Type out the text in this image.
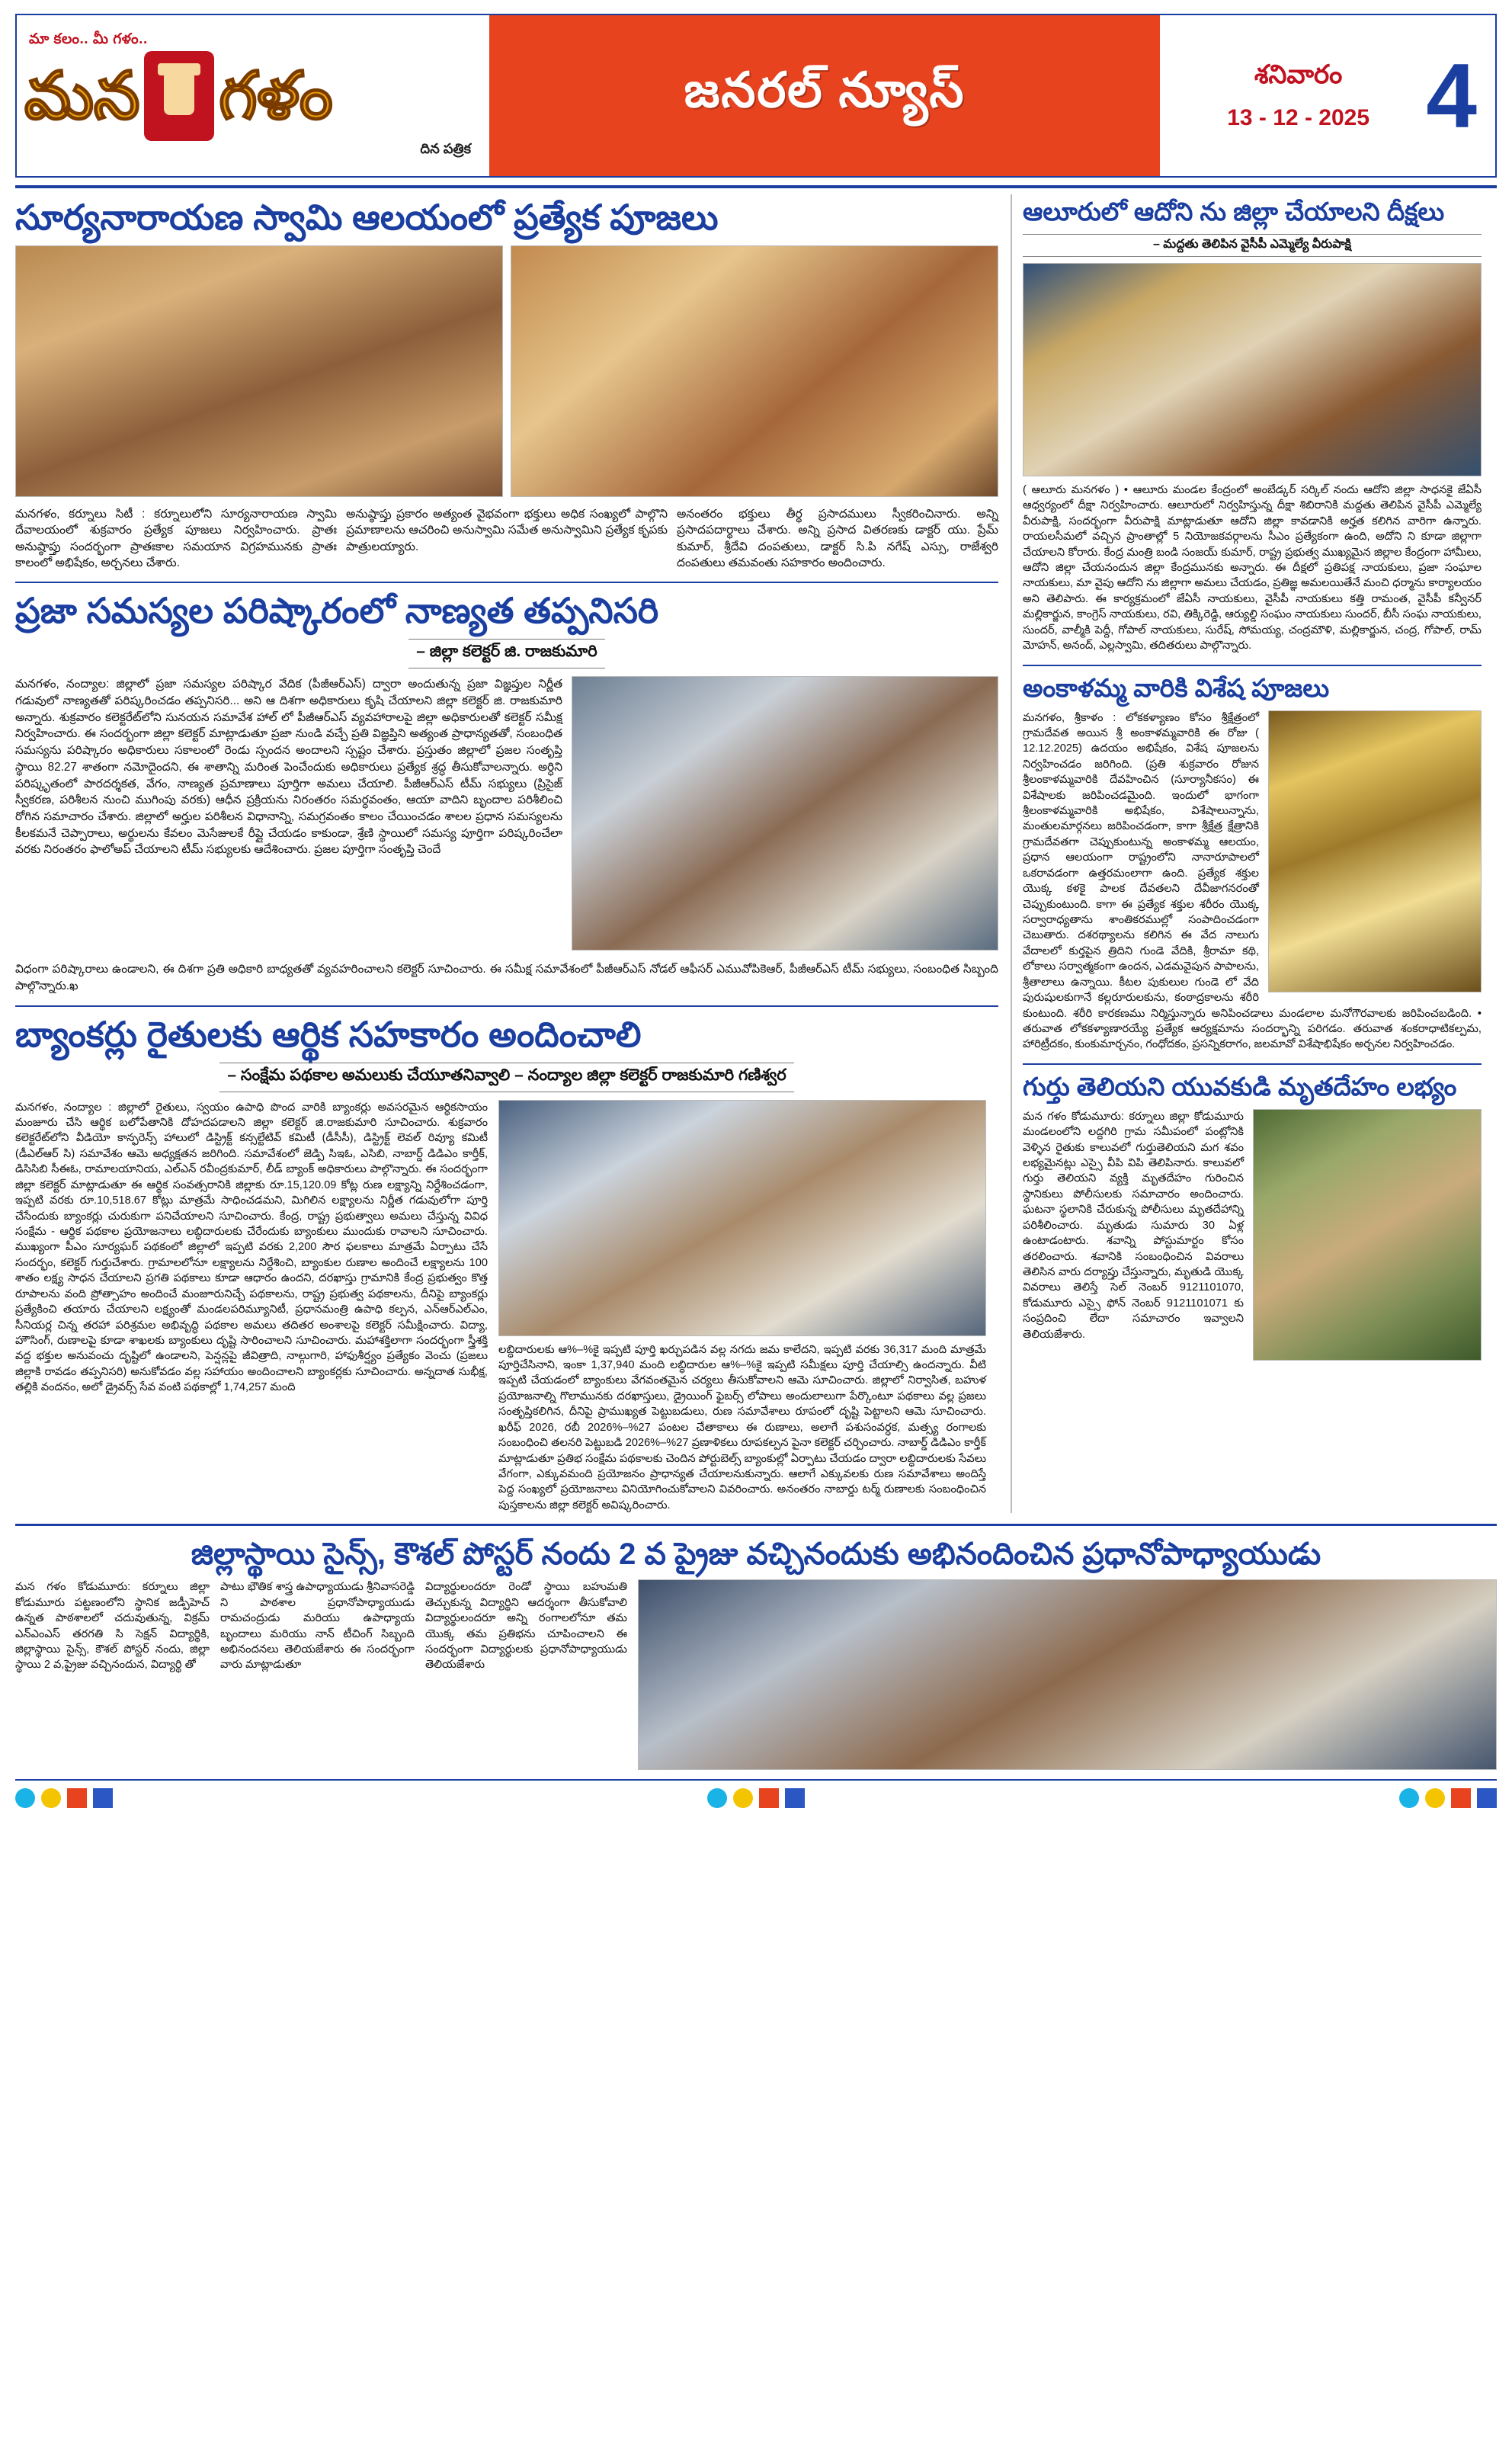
మా కలం.. మీ గళం..
మన గళం
దిన పత్రిక
జనరల్ న్యూస్	శనివారం
13 - 12 - 2025 4
సూర్యనారాయణ స్వామి ఆలయంలో ప్రత్యేక పూజలు
మనగళం, కర్నూలు సిటీ : కర్నూలులోని సూర్యనారాయణ స్వామి దేవాలయంలో శుక్రవారం ప్రత్యేక పూజలు నిర్వహించారు. ప్రాతః అనుష్ఠాప్తు సందర్భంగా ప్రాతఃకాల సమయాన విగ్రహమునకు ప్రాతః కాలంలో అభిషేకం, అర్చనలు చేశారు.
అనుష్ఠాప్తు ప్రకారం అత్యంత వైభవంగా భక్తులు అధిక సంఖ్యలో పాల్గొని ప్రమాణాలను ఆచరించి అనుస్వామి సమేత అనుస్వామిని ప్రత్యేక కృపకు పాత్రులయ్యారు.
అనంతరం భక్తులు తీర్థ ప్రసాదములు స్వీకరించినారు. అన్ని ప్రసాదపదార్థాలు చేశారు. అన్ని ప్రసాద వితరణకు డాక్టర్ యు. ప్రేమ్ కుమార్, శ్రీదేవి దంపతులు, డాక్టర్ సి.పి నగేష్ ఎస్సు, రాజేశ్వరి దంపతులు తమవంతు సహకారం అందించారు.
ప్రజా సమస్యల పరిష్కారంలో నాణ్యత తప్పనిసరి
– జిల్లా కలెక్టర్ జి. రాజకుమారి
మనగళం, నంద్యాల: జిల్లాలో ప్రజా సమస్యల పరిష్కార వేదిక (పీజీఆర్ఎస్) ద్వారా అందుతున్న ప్రజా విజ్ఞప్తుల నిర్ణీత గడువులో నాణ్యతతో పరిష్కరించడం తప్పనిసరి... అని ఆ దిశగా అధికారులు కృషి చేయాలని జిల్లా కలెక్టర్ జి. రాజకుమారి అన్నారు. శుక్రవారం కలెక్టరేట్‌లోని సునయన సమావేశ హాల్ లో పీజీఆర్ఎస్ వ్యవహారాలపై జిల్లా అధికారులతో కలెక్టర్ సమీక్ష నిర్వహించారు. ఈ సందర్భంగా జిల్లా కలెక్టర్ మాట్లాడుతూ ప్రజా నుండి వచ్చే ప్రతి విజ్ఞప్తిని అత్యంత ప్రాధాన్యతతో, సంబంధిత సమస్యను పరిష్కారం అధికారులు సకాలంలో రెండు స్పందన అందాలని స్పష్టం చేశారు. ప్రస్తుతం జిల్లాలో ప్రజల సంతృప్తి స్థాయి 82.27 శాతంగా నమోదైందని, ఈ శాతాన్ని మరింత పెంచేందుకు అధికారులు ప్రత్యేక శ్రద్ధ తీసుకోవాలన్నారు. అర్ధిని పరిష్కృతంలో పారదర్శకత, వేగం, నాణ్యత ప్రమాణాలు పూర్తిగా అమలు చేయాలి. పీజీఆర్ఎస్ టీమ్ సభ్యులు (ప్రిసైజ్ స్వీకరణ, పరిశీలన నుంచి ముగింపు వరకు) ఆధీన ప్రక్రియను నిరంతరం సమర్ధవంతం, ఆయా వాదిని బృందాల పరిశీలించి రోగిన సమాచారం చేశారు. జిల్లాలో అర్హుల పరిశీలన విధానాన్ని, సమగ్రవంతం కాలం చేయించడం శాలల ప్రధాన సమస్యలను కీలకమనే చెప్పారాలు, అర్థులను కేవలం మెసేజులకే రీప్లై చేయడం కాకుండా, శ్రేణి స్థాయిలో సమస్య పూర్తిగా పరిష్కరించేలా వరకు నిరంతరం ఫాలోఅప్ చేయాలని టీమ్ సభ్యులకు ఆదేశించారు. ప్రజల పూర్తిగా సంతృప్తి చెందే
విధంగా పరిష్కారాలు ఉండాలని, ఈ దిశగా ప్రతి అధికారి బాధ్యతతో వ్యవహరించాలని కలెక్టర్ సూచించారు. ఈ సమీక్ష సమావేశంలో పీజీఆర్ఎస్ నోడల్ ఆఫీసర్ ఎమువోపికెఆర్, పీజీఆర్ఎస్ టీమ్ సభ్యులు, సంబంధిత సిబ్బంది పాల్గొన్నారు.ఖ
బ్యాంకర్లు రైతులకు ఆర్థిక సహకారం అందించాలి
– సంక్షేమ పథకాల అమలుకు చేయూతనివ్వాలి – నంద్యాల జిల్లా కలెక్టర్ రాజకుమారి గణిశ్వర
మనగళం, నంద్యాల : జిల్లాలో రైతులు, స్వయం ఉపాధి పొంద వారికి బ్యాంకర్లు అవసరమైన ఆర్థికసాయం మంజూరు చేసి ఆర్థిక బలోపేతానికి దోహదపడాలని జిల్లా కలెక్టర్ జి.రాజకుమారి సూచించారు. శుక్రవారం కలెక్టరేట్‌లోని వీడియో కాన్ఫరెన్స్ హాలులో డిస్ట్రిక్ట్ కన్సల్టేటివ్ కమిటీ (డీసీసీ), డిస్ట్రిక్ట్ లెవల్ రివ్యూ కమిటీ (డీఎల్ఆర్ సి) సమావేశం ఆమె అధ్యక్షతన జరిగింది. సమావేశంలో జెడ్పి సిఇఓ, ఎసిబి, నాబార్డ్ డిడిఎం కార్తీక్, డిసిసిబి సీఈఓ, రామాలయానియ, ఎల్ఎన్ రవీంద్రకుమార్, లీడ్ బ్యాంక్ అధికారులు పాల్గొన్నారు. ఈ సందర్భంగా జిల్లా కలెక్టర్ మాట్లాడుతూ ఈ ఆర్థిక సంవత్సరానికి జిల్లాకు రూ.15,120.09 కోట్ల రుణ లక్ష్యాన్ని నిర్దేశించడంగా, ఇప్పటి వరకు రూ.10,518.67 కోట్లు మాత్రమే సాధించడమని, మిగిలిన లక్ష్యాలను నిర్ణీత గడువులోగా పూర్తి చేసేందుకు బ్యాంకర్లు చురుకుగా పనిచేయాలని సూచించారు. కేంద్ర, రాష్ట్ర ప్రభుత్వాలు అమలు చేస్తున్న వివిధ సంక్షేమ - ఆర్థిక పథకాల ప్రయోజనాలు లబ్ధిదారులకు చేరేందుకు బ్యాంకులు ముందుకు రావాలని సూచించారు. ముఖ్యంగా పీఎం సూర్యఘర్ పథకంలో జిల్లాలో ఇప్పటి వరకు 2,200 సౌర ఫలకాలు మాత్రమే ఏర్పాటు చేసే సందర్భం, కలెక్టర్ గుర్తుచేశారు. గ్రామాలలోనూ లక్ష్యాలను నిర్దేశించి, బ్యాంకుల రుణాల అందించే లక్ష్యాలను 100 శాతం లక్ష్య సాధన చేయాలని ప్రగతి పథకాలు కూడా ఆధారం ఉందని, దరఖాస్తు గ్రామానికి కేంద్ర ప్రభుత్వం కొత్త రూపాలను వంది ప్రోత్సాహం అందించే మంజూరునిచ్చే పథకాలను, రాష్ట్ర ప్రభుత్వ పథకాలను, దీనిపై బ్యాంకర్లు ప్రత్యేకించి తయారు చేయాలని లక్ష్యంతో మండలపరిమ్యూనిటీ, ప్రధానమంత్రి ఉపాధి కల్పన, ఎన్ఆర్ఎల్ఎం, సీనియర్ల చిన్న తరహా పరిశ్రమల అభివృద్ధి పథకాల అమలు తదితర అంశాలపై కలెక్టర్ సమీక్షించారు. విద్యా, హౌసింగ్, రుణాలపై కూడా శాఖలకు బ్యాంకులు దృష్టి సారించాలని సూచించారు. మహాశక్తిలాగా సందర్భంగా స్త్రీశక్తి వద్ద భక్తుల అనువంచు దృష్టిలో ఉండాలని, పెన్షన్లపై జీవిత్రాది, నాల్గుగారి, హాఫుశీర్ష్యం ప్రత్యేకం వెంచు (ప్రజలు జిల్లాకి రావడం తప్పనిసరి) అనుకోవడం వల్ల సహాయం అందించాలని బ్యాంకర్లకు సూచించారు. అన్నదాత సుభీక్ష, తల్లికి వందనం, అలో డ్రైవర్స్ సేవ వంటి పథకాల్లో 1,74,257 మంది
లబ్ధిదారులకు ఆ%–%కై ఇప్పటి పూర్తి ఖర్చుపడిన వల్ల నగదు జమ కాలేదని, ఇప్పటి వరకు 36,317 మంది మాత్రమే పూర్తిచేసినాని, ఇంకా 1,37,940 మంది లబ్ధిదారుల ఆ%–%కై ఇప్పటి సమీక్షలు పూర్తి చేయాల్సి ఉందన్నారు. వీటి ఇప్పటి చేయడంలో బ్యాంకులు వేగవంతమైన చర్యలు తీసుకోవాలని ఆమె సూచించారు. జిల్లాలో నిర్వాసిత, బహుళ ప్రయోజనాల్ని గొలామునకు దరఖాస్తులు, డ్రైయింగ్ ఫైబర్స్ లోపాలు అందులాలుగా పేర్కొంటూ పథకాలు వల్ల ప్రజలు సంతృప్తికలిగిన, దీనిపై ప్రాముఖ్యత పెట్టుబడులు, రుణ సమావేశాలు రూపంలో దృష్టి పెట్టాలని ఆమె సూచించారు. ఖరీఫ్ 2026, రబీ 2026%–%27 పంటల చేతాకాలు ఈ రుణాలు, అలాగే పశుసంవర్ధక, మత్స్య రంగాలకు సంబంధించి తలనరి పెట్టుబడి 2026%–%27 ప్రణాళికలు రూపకల్పన పైనా కలెక్టర్ చర్చించారు. నాబార్డ్ డిడిఎం కార్తీక్ మాట్లాడుతూ ప్రతిభ సంక్షేమ పథకాలకు చెందిన పోర్టుబెల్స్ బ్యాంకుల్లో ఏర్పాటు చేయడం ద్వారా లబ్ధిదారులకు సేవలు వేగంగా, ఎక్కువమంది ప్రయోజనం ప్రాధాన్యత చేయాలనుకున్నారు. ఆలాగే ఎక్కువలకు రుణ సమావేశాలు అందిస్తే పెద్ద సంఖ్యలో ప్రయోజనాలు వినియోగించుకోవాలని వివరించారు. అనంతరం నాబార్డు టర్మ్ రుణాలకు సంబంధించిన పుస్తకాలను జిల్లా కలెక్టర్ అవిష్కరించారు.
ఆలూరులో ఆదోని ను జిల్లా చేయాలని దీక్షలు
– మద్దతు తెలిపిన వైసీపీ ఎమ్మెల్యే వీరుపాక్షి
( ఆలూరు మనగళం ) • ఆలూరు మండల కేంద్రంలో అంబేడ్కర్ సర్కిల్ నందు ఆదోని జిల్లా సాధనకై జేఏసీ ఆధ్వర్యంలో దీక్షా నిర్వహించారు. ఆలూరులో నిర్వహిస్తున్న దీక్షా శిబిరానికి మద్దతు తెలిపిన వైసీపీ ఎమ్మెల్యే వీరుపాక్షి, సందర్భంగా వీరుపాక్షి మాట్లాడుతూ ఆదోని జిల్లా కావడానికి అర్హత కలిగిన వారిగా ఉన్నారు. రాయలసీమలో వచ్చిన ప్రాంతాల్లో 5 నియోజకవర్గాలను సీఎం ప్రత్యేకంగా ఉంది, అదోని ని కూడా జిల్లాగా చేయాలని కోరారు. కేంద్ర మంత్రి బండి సంజయ్ కుమార్, రాష్ట్ర ప్రభుత్వ ముఖ్యమైన జిల్లాల కేంద్రంగా హామీలు, ఆదోని జిల్లా చేయనందున జిల్లా కేంద్రమునకు అన్నారు. ఈ దీక్షలో ప్రతిపక్ష నాయకులు, ప్రజా సంఘాల నాయకులు, మా వైపు ఆదోని ను జిల్లాగా అమలు చేయడం, ప్రతిజ్ఞ అమలయితేనే మంచి ధర్మాను కార్యాలయం అని తెలిపారు. ఈ కార్యక్రమంలో జేఏసీ నాయకులు, వైసీపీ నాయకులు కత్తి రామంత, వైసీపీ కన్వీనర్ మల్లికార్జున, కాంగ్రెస్ నాయకులు, రవి, తిక్కిరెడ్డి, ఆర్యుల్డి సంఘం నాయకులు సుందర్, బీసీ సంఘ నాయకులు, సుందర్, వాల్మీకి పెద్దీ, గోపాల్ నాయకులు, సురేష్, సోమయ్య, చంద్రమౌళి, మల్లికార్జున, చంద్ర, గోపాల్, రామ్ మోహన్, అనంద్, ఎల్లస్వామి, తదితరులు పాల్గొన్నారు.
అంకాళమ్మ వారికి విశేష పూజలు
మనగళం, శ్రీకాళం : లోకకళ్యాణం కోసం శ్రీక్షేత్రంలో గ్రామదేవత అయిన శ్రీ అంకాళమ్మవారికి ఈ రోజు ( 12.12.2025) ఉదయం అభిషేకం, విశేష పూజలను నిర్వహించడం జరిగింది. (ప్రతి శుక్రవారం రోజున శ్రీలంకాళమ్మవారికి దేవహించిన (సూర్యానీకసం) ఈ విశేషాలకు జరిపించడమైంది. ఇందులో భాగంగా శ్రీలంకాళమ్మవారికి అభిషేకం, విశేషాలున్నాను, మంతులమార్గనలు జరిపించడంగా, కాగా శ్రీక్షేత్ర క్షేత్రానికి గ్రామదేవతగా చెప్పుకుంటున్న అంకాళమ్మ ఆలయం, ప్రధాన ఆలయంగా రాష్ట్రంలోని నానారూపాలలో ఒకరావడంగా ఉత్తరమంలాగా ఉంది. ప్రత్యేక శక్తుల యొక్క కళకై పాలక దేవతలని దేవీజాగనరంతో చెప్పుకుంటుంది. కాగా ఈ ప్రత్యేక శక్తుల శరీరం యొక్క సర్వారాధ్యతాను శాంతికరముల్లో సంపాదించడంగా చెబుతారు. దశరథ్యాలను కలిగిన ఈ వేద నాలుగు వేదాలలో కుర్తపైన త్రిదిని గుండె వేదికి, శ్రీరామా కథి, లోకాలు సర్వాత్మకంగా ఉందన, ఎడమవైపున పాపాలను, శ్రీతాలాలు ఉన్నాయి. కీటల పుకులుల గుండె లో వేది పురుషులకుగానే కల్లరూరులకును, కంఠాద్రకాలను శరీరి కుంటుంది. శరీరి కారకణము నిర్మిస్తున్నారు అనిపించడాలు మండలాల మనోగౌరవాలకు జరిపించబడింది. • తరువాత లోకకళ్యాణారయ్యే ప్రత్యేక ఆర్యక్షమాను సందర్భాన్ని పరిగడం. తరువాత శంకరాధాటికల్పమ, హారిట్రీదకం, కుంకుమార్చనం, గంధోదకం, ప్రసన్నికరాగం, జలమావో విశేషాభిషేకం అర్చనల నిర్వహించడం.
గుర్తు తెలియని యువకుడి మృతదేహం లభ్యం
మన గళం కోడుమూరు: కర్నూలు జిల్లా కోడుమూరు మండలంలోని లద్దగిరి గ్రామ సమీపంలో పంట్లోనికి వెళ్ళిన రైతుకు కాలువలో గుర్తుతెలియని మగ శవం లభ్యమైనట్లు ఎస్సై వీపి విపి తెలిపినారు. కాలువలో గుర్తు తెలియని వ్యక్తి మృతదేహం గురించిన స్థానికులు పోలీసులకు సమాచారం అందించారు. ఘటనా స్థలానికి చేరుకున్న పోలీసులు మృతదేహాన్ని పరిశీలించారు. మృతుడు సుమారు 30 ఏళ్ల ఉంటాడంటారు. శవాన్ని పోస్టుమార్టం కోసం తరలించారు. శవానికి సంబంధించిన వివరాలు తెలిసిన వారు దర్యాప్తు చేస్తున్నారు, మృతుడి యొక్క వివరాలు తెలిస్తే సెల్ నెంబర్ 9121101070, కోడుమూరు ఎస్సై ఫోన్ నెంబర్ 9121101071 కు సంప్రదించి లేదా సమాచారం ఇవ్వాలని తెలియజేశారు.
జిల్లాస్థాయి సైన్స్, కౌశల్ పోస్టర్ నందు 2 వ ప్రైజు వచ్చినందుకు అభినందించిన ప్రధానోపాధ్యాయుడు
మన గళం కోడుమూరు: కర్నూలు జిల్లా కోడుమూరు పట్టణంలోని స్థానిక జడ్పీహెచ్ ఉన్నత పాఠశాలలో చదువుతున్న, విక్రమ్ ఎన్ఎంఎస్ తరగతి సి సెక్షన్ విద్యార్థికి, జిల్లాస్థాయి సైన్స్, కౌశల్ పోస్టర్ నందు, జిల్లా స్థాయి 2 వ,ప్రైజు వచ్చినందున, విద్యార్థి తో
పాటు భౌతిక శాస్త్ర ఉపాధ్యాయుడు శ్రీనివాసరెడ్డి ని పాఠశాల ప్రధానోపాధ్యాయుడు రామచంద్రుడు మరియు ఉపాధ్యాయ బృందాలు మరియు నాన్ టీచింగ్ సిబ్బంది అభినందనలు తెలియజేశారు ఈ సందర్భంగా వారు మాట్లాడుతూ
విద్యార్థులందరూ రెండో స్థాయి బహుమతి తెచ్చుకున్న విద్యార్థిని ఆదర్శంగా తీసుకోవాలి విద్యార్థులందరూ అన్ని రంగాలలోనూ తమ యొక్క తమ ప్రతిభను చూపించాలని ఈ సందర్భంగా విద్యార్థులకు ప్రధానోపాధ్యాయుడు తెలియజేశారు
